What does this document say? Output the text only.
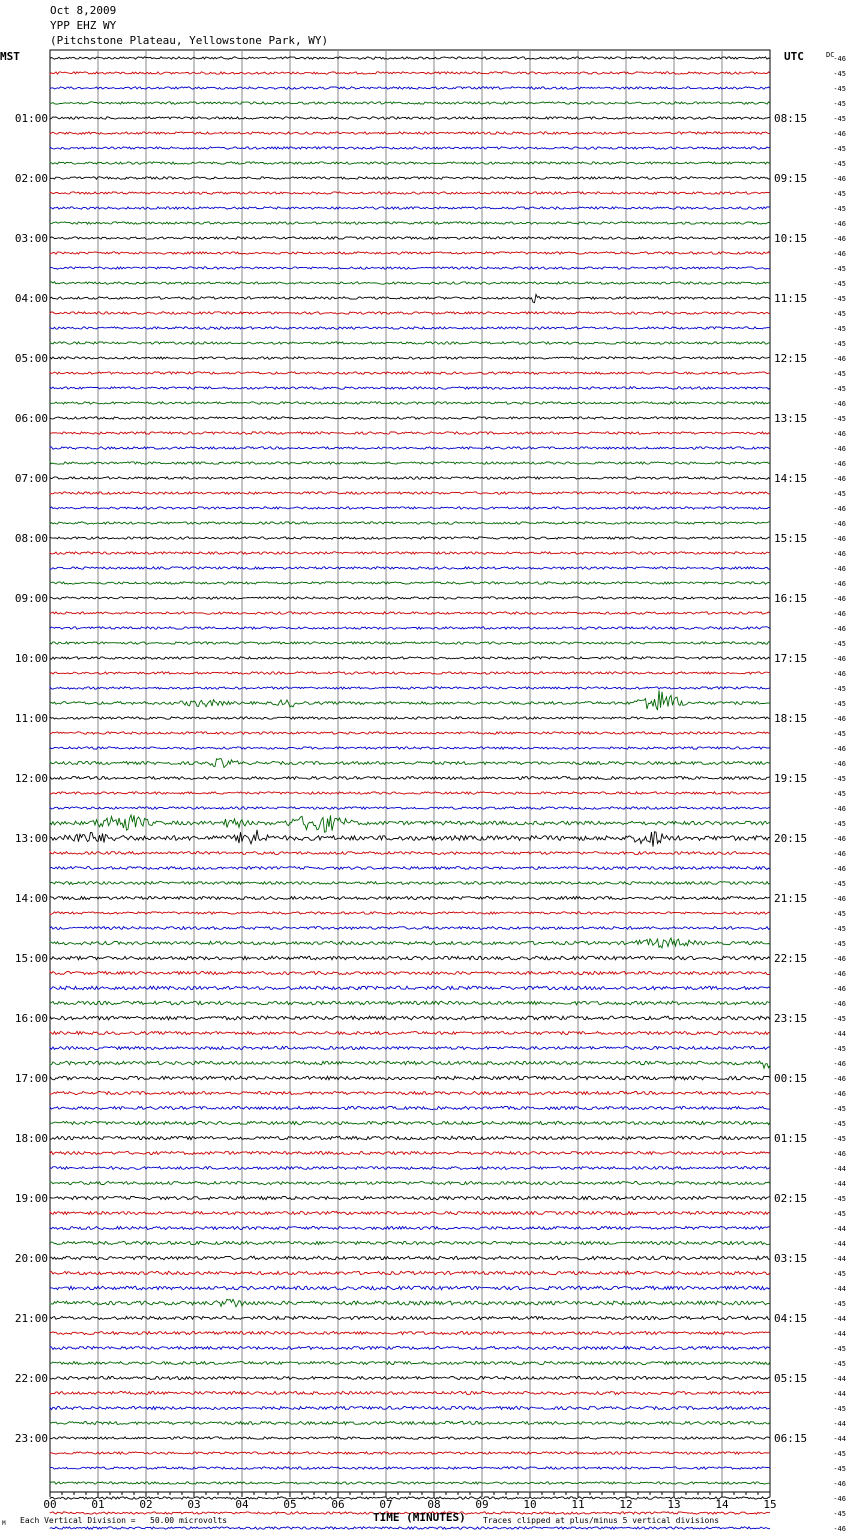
Oct 8,2009
YPP EHZ WY
(Pitchstone Plateau, Yellowstone Park, WY)
MST	UTC	DC
-46
-45
-45
-45
-45
-46
-45
-45
-46
-45
-45
-46
-46
-46
-45
-45
-45
-45
-45
-45
-46
-45
-45
-46
-45
-46
-46
-46
-46
-45
-46
-46
-46
-46
-46
-46
-46
-46
-46
-45
-46
-46
-45
-45
-46
-45
-46
-46
-45
-45
-46
-45
-46
-46
-46
-45
-46
-45
-45
-45
-46
-46
-46
-46
-45
-44
-45
-46
-46
-46
-45
-45
-45
-46
-44
-44
-45
-45
-44
-44
-44
-45
-44
-45
-44
-44
-45
-45
-44
-44
-45
-44
-44
-45
-45
-46
-46
-45
-46
01:00
02:00
03:00
04:00
05:00
06:00
07:00
08:00
09:00
10:00
11:00
12:00
13:00
14:00
15:00
16:00
17:00
18:00
19:00
20:00
21:00
22:00
23:00
08:15
09:15
10:15
11:15
12:15
13:15
14:15
15:15
16:15
17:15
18:15
19:15
20:15
21:15
22:15
23:15
00:15
01:15
02:15
03:15
04:15
05:15
06:15
00	01	02	03	04	05	06	07	08	09	10	11	12	13	14	15
TIME (MINUTES)
M Each Vertical Division =   50.00 microvolts	Traces clipped at plus/minus 5 vertical divisions
